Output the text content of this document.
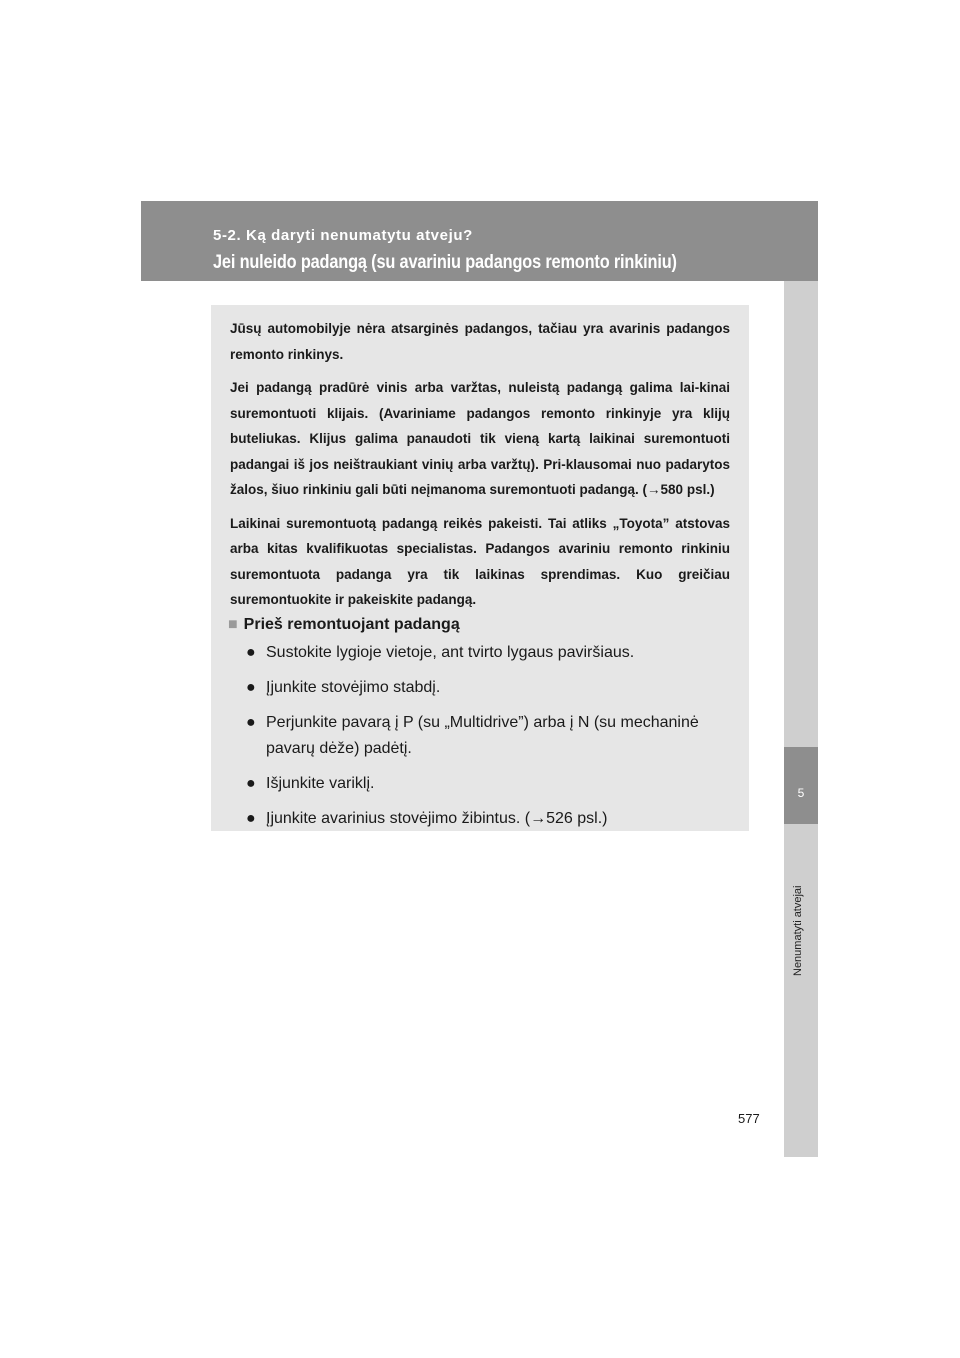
5-2. Ką daryti nenumatytu atveju?
Jei nuleido padangą (su avariniu padangos remonto rinkiniu)
5
Nenumatyti atvejai

Jūsų automobilyje nėra atsarginės padangos, tačiau yra avarinis padangos remonto rinkinys.

Jei padangą pradūrė vinis arba varžtas, nuleistą padangą galima lai-kinai suremontuoti klijais. (Avariniame padangos remonto rinkinyje yra klijų buteliukas. Klijus galima panaudoti tik vieną kartą laikinai suremontuoti padangai iš jos neištraukiant vinių arba varžtų). Pri-klausomai nuo padarytos žalos, šiuo rinkiniu gali būti neįmanoma suremontuoti padangą. (→580 psl.)

Laikinai suremontuotą padangą reikės pakeisti. Tai atliks „Toyota” atstovas arba kitas kvalifikuotas specialistas. Padangos avariniu remonto rinkiniu suremontuota padanga yra tik laikinas sprendimas. Kuo greičiau suremontuokite ir pakeiskite padangą.

■ Prieš remontuojant padangą
● Sustokite lygioje vietoje, ant tvirto lygaus paviršiaus.
● Įjunkite stovėjimo stabdį.
● Perjunkite pavarą į P (su „Multidrive”) arba į N (su mechaninė pavarų dėže) padėtį.
● Išjunkite variklį.
● Įjunkite avarinius stovėjimo žibintus. (→526 psl.)
577
